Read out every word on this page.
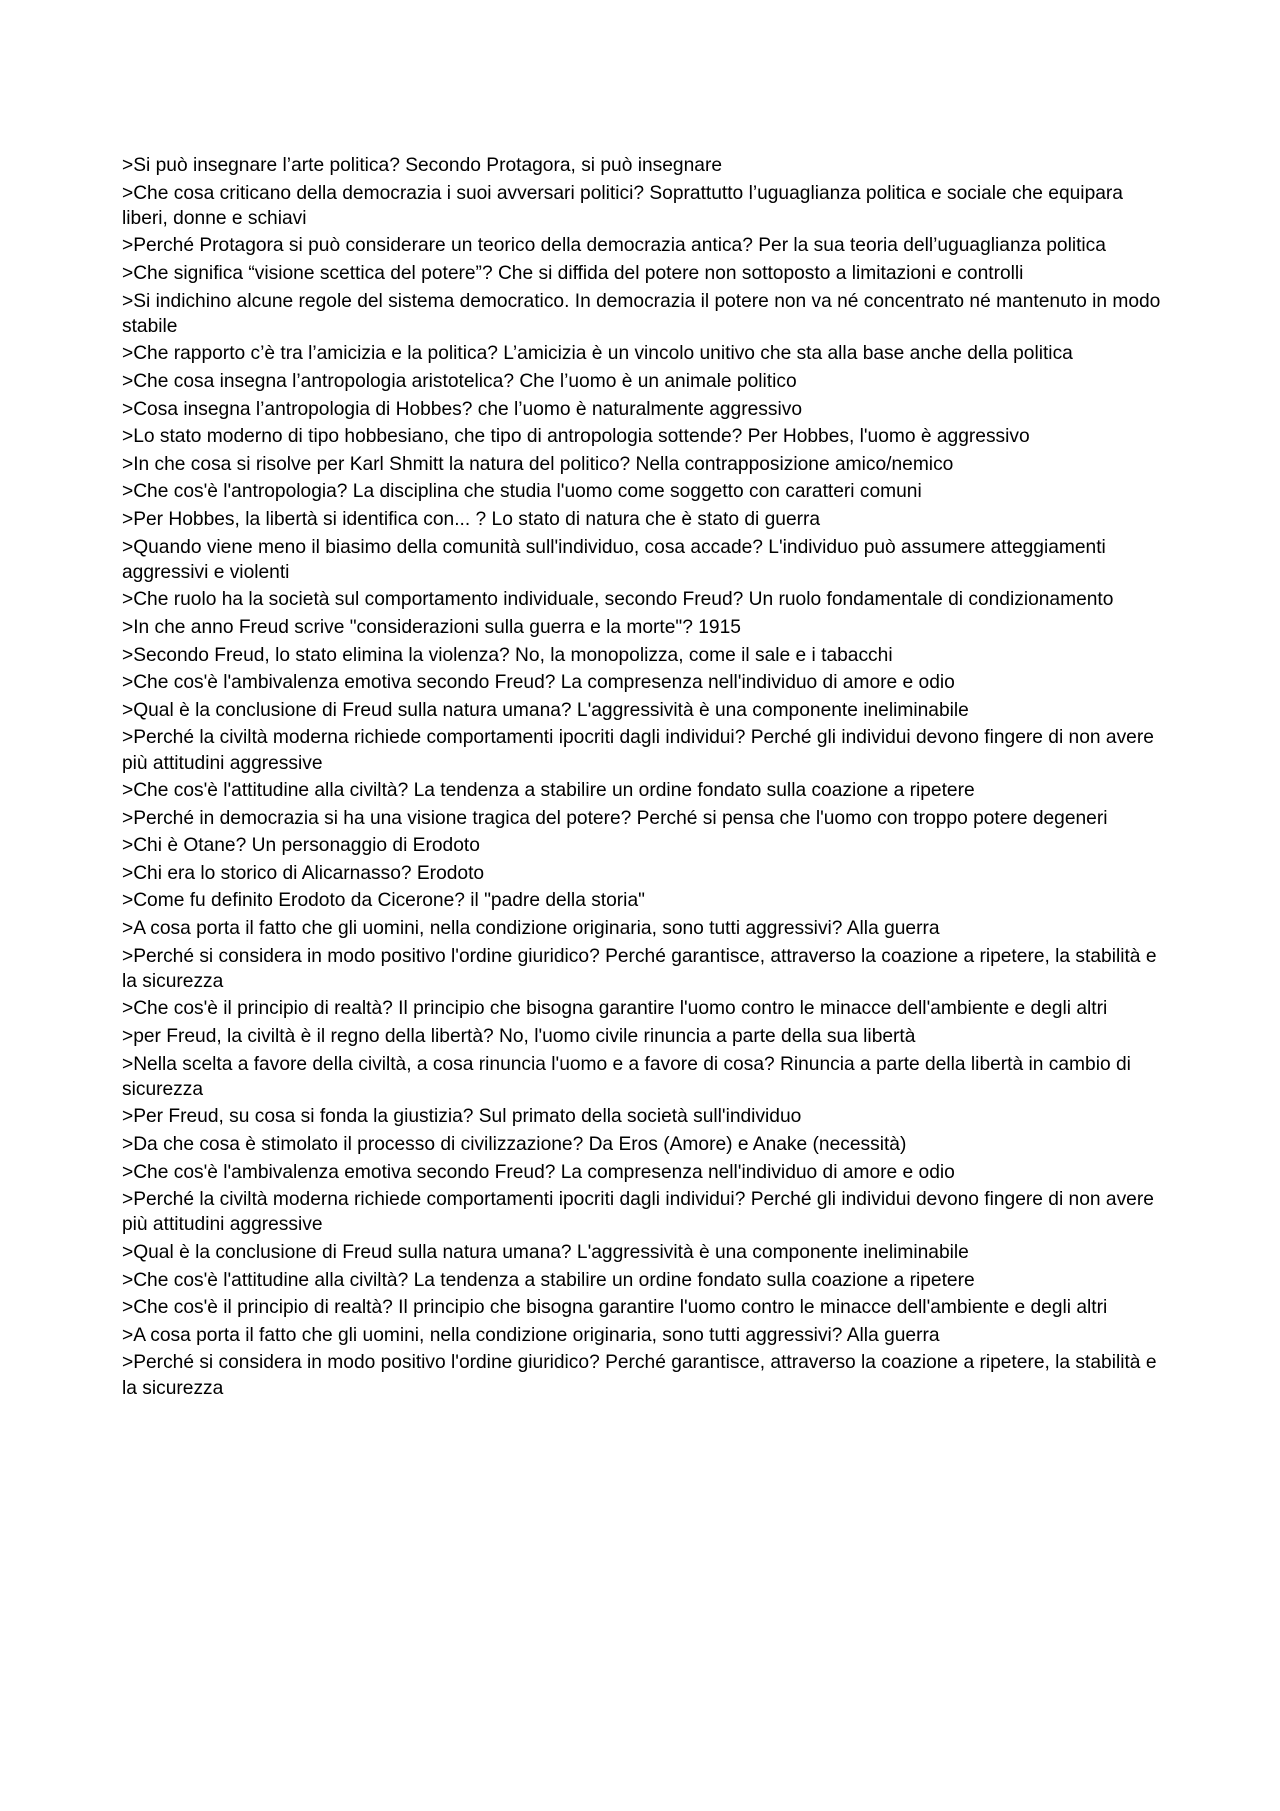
>Si può insegnare l’arte politica? Secondo Protagora, si può insegnare
>Che cosa criticano della democrazia i suoi avversari politici? Soprattutto l’uguaglianza politica e sociale che equipara liberi, donne e schiavi
>Perché Protagora si può considerare un teorico della democrazia antica? Per la sua teoria dell’uguaglianza politica
>Che significa “visione scettica del potere”? Che si diffida del potere non sottoposto a limitazioni e controlli
>Si indichino alcune regole del sistema democratico. In democrazia il potere non va né concentrato né mantenuto in modo stabile
>Che rapporto c’è tra l’amicizia e la politica? L’amicizia è un vincolo unitivo che sta alla base anche della politica
>Che cosa insegna l’antropologia aristotelica? Che l’uomo è un animale politico
>Cosa insegna l’antropologia di Hobbes? che l’uomo è naturalmente aggressivo
>Lo stato moderno di tipo hobbesiano, che tipo di antropologia sottende? Per Hobbes, l'uomo è aggressivo
>In che cosa si risolve per Karl Shmitt la natura del politico? Nella contrapposizione amico/nemico
>Che cos'è l'antropologia? La disciplina che studia l'uomo come soggetto con caratteri comuni
>Per Hobbes, la libertà si identifica con... ? Lo stato di natura che è stato di guerra
>Quando viene meno il biasimo della comunità sull'individuo, cosa accade? L'individuo può assumere atteggiamenti aggressivi e violenti
>Che ruolo ha la società sul comportamento individuale, secondo Freud? Un ruolo fondamentale di condizionamento
>In che anno Freud scrive "considerazioni sulla guerra e la morte"? 1915
>Secondo Freud, lo stato elimina la violenza? No, la monopolizza, come il sale e i tabacchi
>Che cos'è l'ambivalenza emotiva secondo Freud? La compresenza nell'individuo di amore e odio
>Qual è la conclusione di Freud sulla natura umana? L'aggressività è una componente ineliminabile
>Perché la civiltà moderna richiede comportamenti ipocriti dagli individui? Perché gli individui devono fingere di non avere più attitudini aggressive
>Che cos'è l'attitudine alla civiltà? La tendenza a stabilire un ordine fondato sulla coazione a ripetere
>Perché in democrazia si ha una visione tragica del potere? Perché si pensa che l'uomo con troppo potere degeneri
>Chi è Otane? Un personaggio di Erodoto
>Chi era lo storico di Alicarnasso? Erodoto
>Come fu definito Erodoto da Cicerone? il "padre della storia"
>A cosa porta il fatto che gli uomini, nella condizione originaria, sono tutti aggressivi? Alla guerra
>Perché si considera in modo positivo l'ordine giuridico? Perché garantisce, attraverso la coazione a ripetere, la stabilità e la sicurezza
>Che cos'è il principio di realtà? Il principio che bisogna garantire l'uomo contro le minacce dell'ambiente e degli altri
>per Freud, la civiltà è il regno della libertà? No, l'uomo civile rinuncia a parte della sua libertà
>Nella scelta a favore della civiltà, a cosa rinuncia l'uomo e a favore di cosa? Rinuncia a parte della libertà in cambio di sicurezza
>Per Freud, su cosa si fonda la giustizia? Sul primato della società sull'individuo
>Da che cosa è stimolato il processo di civilizzazione? Da Eros (Amore) e Anake (necessità)
>Che cos'è l'ambivalenza emotiva secondo Freud? La compresenza nell'individuo di amore e odio
>Perché la civiltà moderna richiede comportamenti ipocriti dagli individui? Perché gli individui devono fingere di non avere più attitudini aggressive
>Qual è la conclusione di Freud sulla natura umana? L'aggressività è una componente ineliminabile
>Che cos'è l'attitudine alla civiltà? La tendenza a stabilire un ordine fondato sulla coazione a ripetere
>Che cos'è il principio di realtà? Il principio che bisogna garantire l'uomo contro le minacce dell'ambiente e degli altri
>A cosa porta il fatto che gli uomini, nella condizione originaria, sono tutti aggressivi? Alla guerra
>Perché si considera in modo positivo l'ordine giuridico? Perché garantisce, attraverso la coazione a ripetere, la stabilità e la sicurezza
